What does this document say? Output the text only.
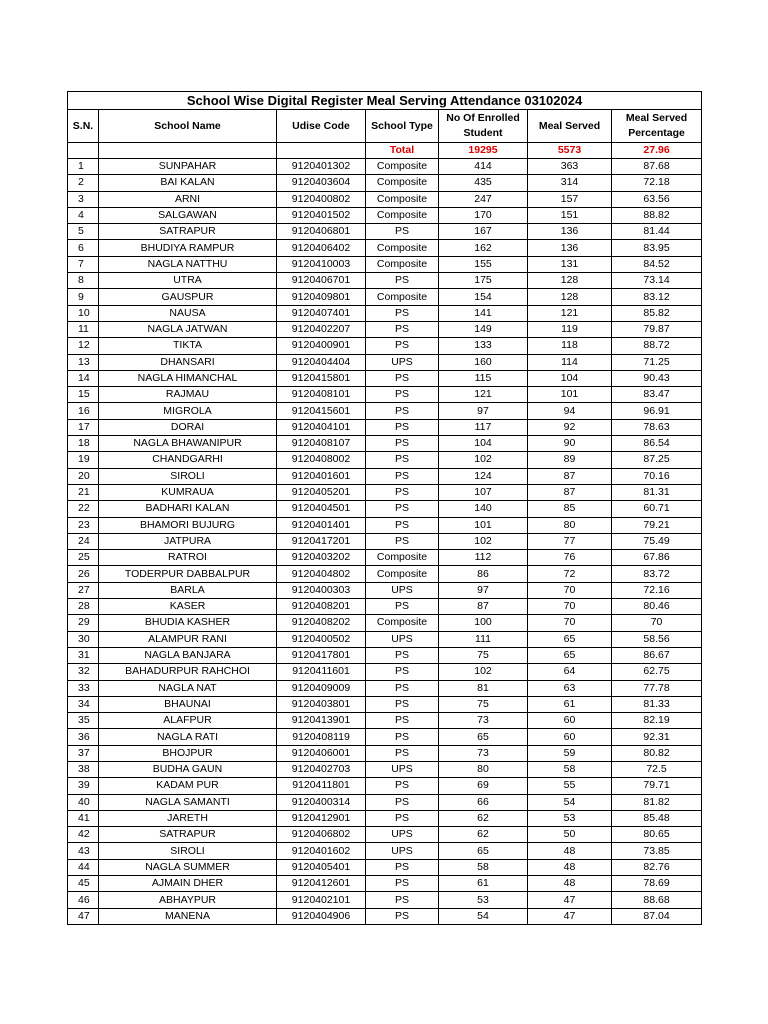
School Wise Digital Register Meal Serving Attendance 03102024						
S.N.	School Name	Udise Code	School Type	No Of Enrolled Student	Meal Served	Meal Served Percentage
			Total	19295	5573	27.96
1	SUNPAHAR	9120401302	Composite	414	363	87.68
2	BAI KALAN	9120403604	Composite	435	314	72.18
3	ARNI	9120400802	Composite	247	157	63.56
4	SALGAWAN	9120401502	Composite	170	151	88.82
5	SATRAPUR	9120406801	PS	167	136	81.44
6	BHUDIYA RAMPUR	9120406402	Composite	162	136	83.95
7	NAGLA NATTHU	9120410003	Composite	155	131	84.52
8	UTRA	9120406701	PS	175	128	73.14
9	GAUSPUR	9120409801	Composite	154	128	83.12
10	NAUSA	9120407401	PS	141	121	85.82
11	NAGLA JATWAN	9120402207	PS	149	119	79.87
12	TIKTA	9120400901	PS	133	118	88.72
13	DHANSARI	9120404404	UPS	160	114	71.25
14	NAGLA HIMANCHAL	9120415801	PS	115	104	90.43
15	RAJMAU	9120408101	PS	121	101	83.47
16	MIGROLA	9120415601	PS	97	94	96.91
17	DORAI	9120404101	PS	117	92	78.63
18	NAGLA BHAWANIPUR	9120408107	PS	104	90	86.54
19	CHANDGARHI	9120408002	PS	102	89	87.25
20	SIROLI	9120401601	PS	124	87	70.16
21	KUMRAUA	9120405201	PS	107	87	81.31
22	BADHARI KALAN	9120404501	PS	140	85	60.71
23	BHAMORI BUJURG	9120401401	PS	101	80	79.21
24	JATPURA	9120417201	PS	102	77	75.49
25	RATROI	9120403202	Composite	112	76	67.86
26	TODERPUR DABBALPUR	9120404802	Composite	86	72	83.72
27	BARLA	9120400303	UPS	97	70	72.16
28	KASER	9120408201	PS	87	70	80.46
29	BHUDIA KASHER	9120408202	Composite	100	70	70
30	ALAMPUR RANI	9120400502	UPS	111	65	58.56
31	NAGLA BANJARA	9120417801	PS	75	65	86.67
32	BAHADURPUR RAHCHOI	9120411601	PS	102	64	62.75
33	NAGLA NAT	9120409009	PS	81	63	77.78
34	BHAUNAI	9120403801	PS	75	61	81.33
35	ALAFPUR	9120413901	PS	73	60	82.19
36	NAGLA RATI	9120408119	PS	65	60	92.31
37	BHOJPUR	9120406001	PS	73	59	80.82
38	BUDHA GAUN	9120402703	UPS	80	58	72.5
39	KADAM PUR	9120411801	PS	69	55	79.71
40	NAGLA SAMANTI	9120400314	PS	66	54	81.82
41	JARETH	9120412901	PS	62	53	85.48
42	SATRAPUR	9120406802	UPS	62	50	80.65
43	SIROLI	9120401602	UPS	65	48	73.85
44	NAGLA SUMMER	9120405401	PS	58	48	82.76
45	AJMAIN DHER	9120412601	PS	61	48	78.69
46	ABHAYPUR	9120402101	PS	53	47	88.68
47	MANENA	9120404906	PS	54	47	87.04
